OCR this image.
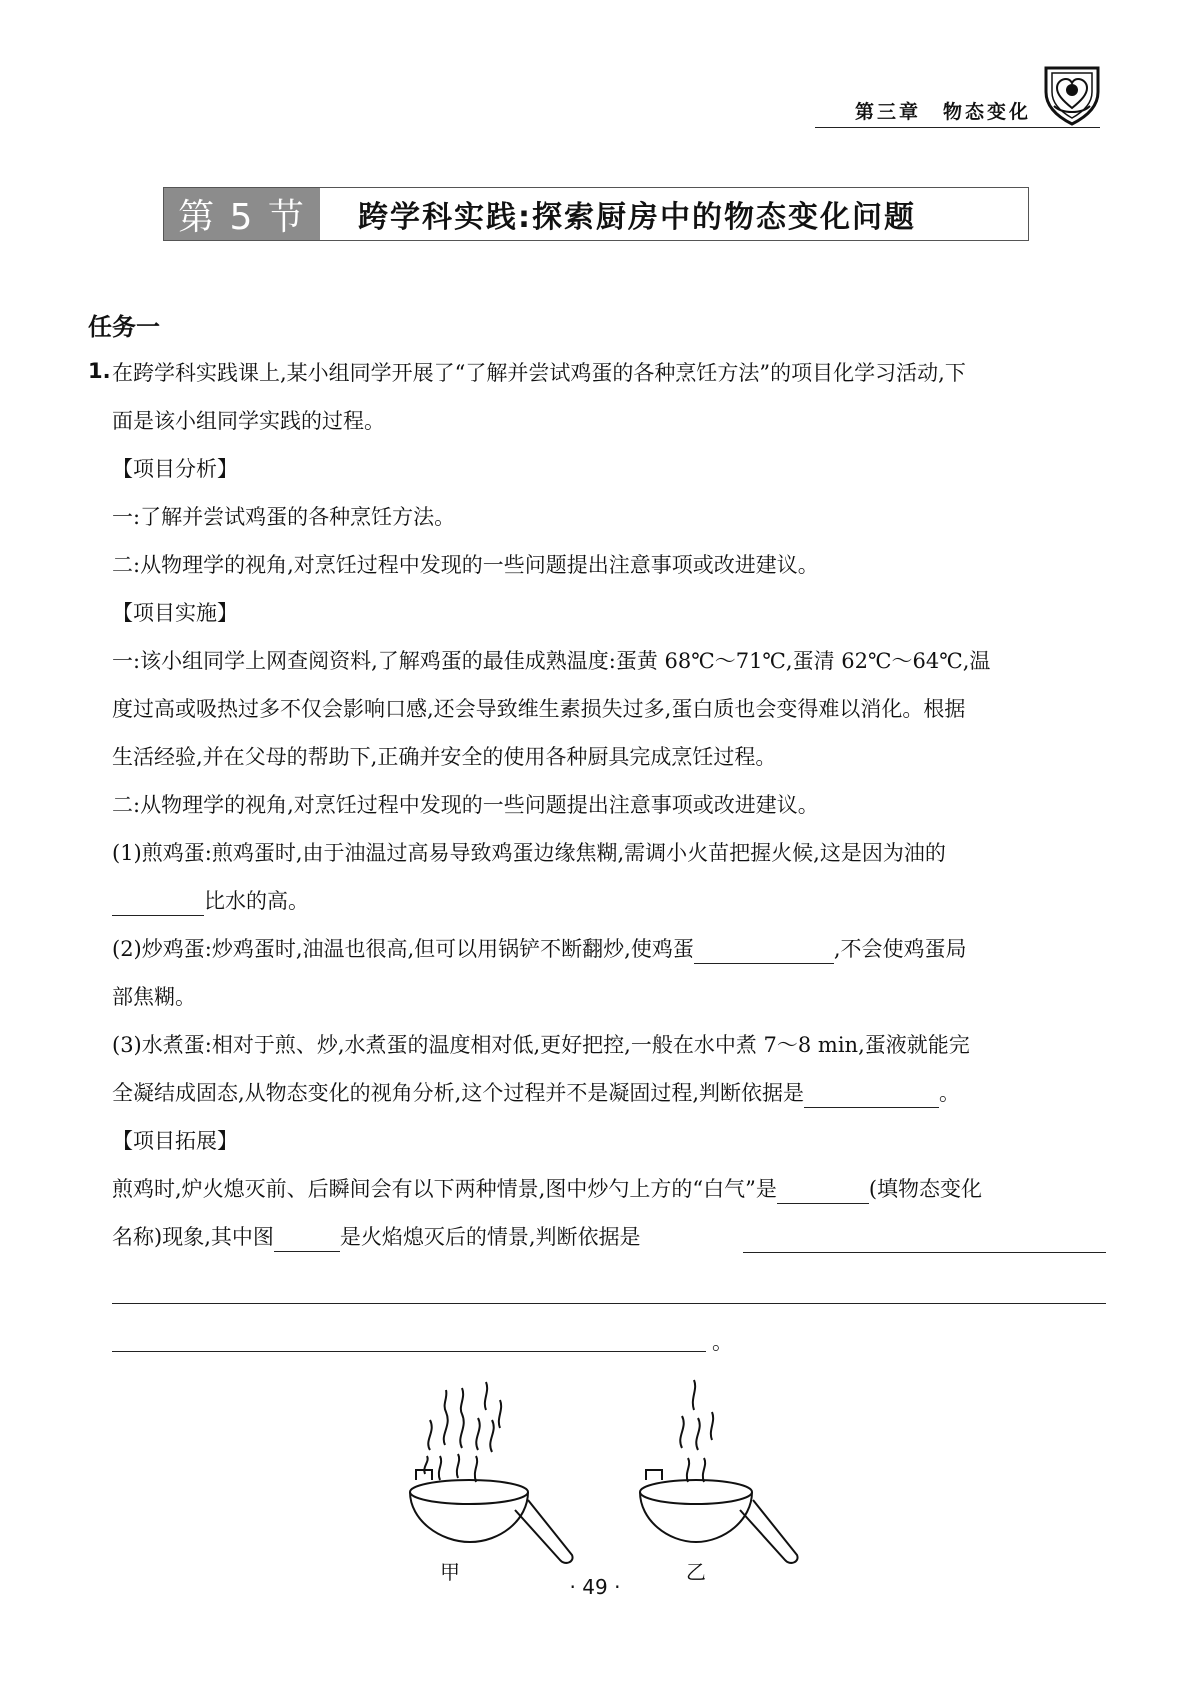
第三章　物态变化
第 5 节	跨学科实践:探索厨房中的物态变化问题
任务一
1. 在跨学科实践课上,某小组同学开展了“了解并尝试鸡蛋的各种烹饪方法”的项目化学习活动,下
面是该小组同学实践的过程。
【项目分析】
一:了解并尝试鸡蛋的各种烹饪方法。
二:从物理学的视角,对烹饪过程中发现的一些问题提出注意事项或改进建议。
【项目实施】
一:该小组同学上网查阅资料,了解鸡蛋的最佳成熟温度:蛋黄 68℃～71℃,蛋清 62℃～64℃,温
度过高或吸热过多不仅会影响口感,还会导致维生素损失过多,蛋白质也会变得难以消化。根据
生活经验,并在父母的帮助下,正确并安全的使用各种厨具完成烹饪过程。
二:从物理学的视角,对烹饪过程中发现的一些问题提出注意事项或改进建议。
(1)煎鸡蛋:煎鸡蛋时,由于油温过高易导致鸡蛋边缘焦糊,需调小火苗把握火候,这是因为油的
比水的高。
(2)炒鸡蛋:炒鸡蛋时,油温也很高,但可以用锅铲不断翻炒,使鸡蛋	,不会使鸡蛋局
部焦糊。
(3)水煮蛋:相对于煎、炒,水煮蛋的温度相对低,更好把控,一般在水中煮 7～8 min,蛋液就能完
全凝结成固态,从物态变化的视角分析,这个过程并不是凝固过程,判断依据是	。
【项目拓展】
煎鸡时,炉火熄灭前、后瞬间会有以下两种情景,图中炒勺上方的“白气”是	(填物态变化
名称)现象,其中图	是火焰熄灭后的情景,判断依据是
。
甲	乙
· 49 ·
